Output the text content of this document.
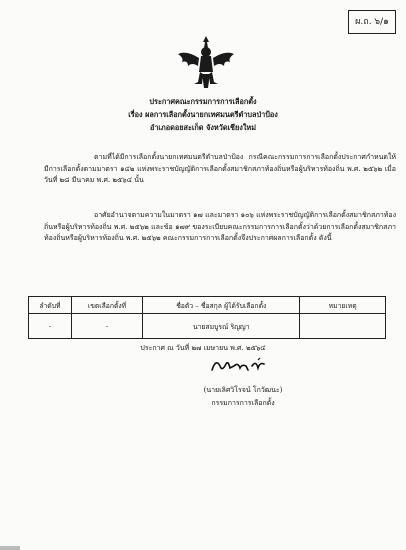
ผ.ถ. ๖/๑
ประกาศคณะกรรมการการเลือกตั้ง
เรื่อง ผลการเลือกตั้งนายกเทศมนตรีตำบลป่าป้อง
อำเภอดอยสะเก็ด จังหวัดเชียงใหม่
ตามที่ได้มีการเลือกตั้งนายกเทศมนตรีตำบลป่าป้อง กรณีคณะกรรมการการเลือกตั้งประกาศกำหนดให้มีการเลือกตั้งตามมาตรา ๑๔๒ แห่งพระราชบัญญัติการเลือกตั้งสมาชิกสภาท้องถิ่นหรือผู้บริหารท้องถิ่น พ.ศ. ๒๕๖๒ เมื่อวันที่ ๒๘ มีนาคม พ.ศ. ๒๕๖๔ นั้น
อาศัยอำนาจตามความในมาตรา ๑๗ และมาตรา ๑๐๖ แห่งพระราชบัญญัติการเลือกตั้งสมาชิกสภาท้องถิ่นหรือผู้บริหารท้องถิ่น พ.ศ. ๒๕๖๒ และข้อ ๑๗๙ ของระเบียบคณะกรรมการการเลือกตั้งว่าด้วยการเลือกตั้งสมาชิกสภาท้องถิ่นหรือผู้บริหารท้องถิ่น พ.ศ. ๒๕๖๒ คณะกรรมการการเลือกตั้งจึงประกาศผลการเลือกตั้ง ดังนี้
ลำดับที่	เขตเลือกตั้งที่	ชื่อตัว – ชื่อสกุล ผู้ได้รับเลือกตั้ง	หมายเหตุ
-	-	นายสมบูรณ์ ริญญา	
ประกาศ ณ วันที่ ๒๗ เมษายน พ.ศ. ๒๕๖๔
(นายเลิศวิโรจน์ โกวัฒนะ)
กรรมการการเลือกตั้ง
